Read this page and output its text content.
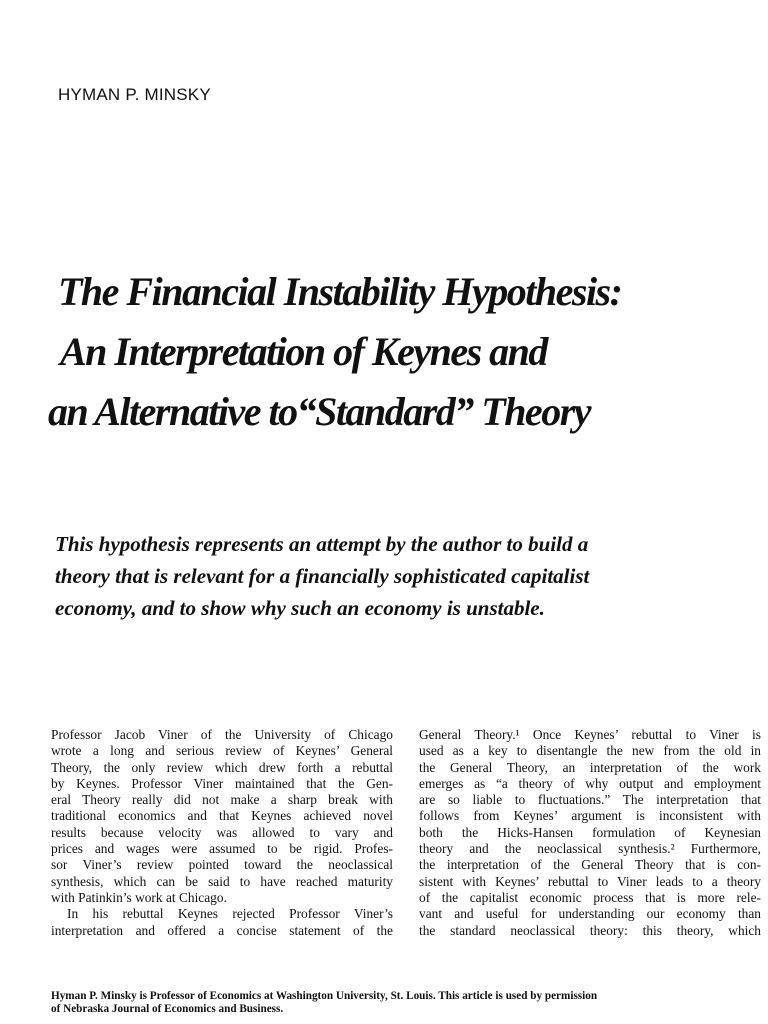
HYMAN P. MINSKY
The Financial Instability Hypothesis:
An Interpretation of Keynes and
an Alternative to“Standard” Theory
This hypothesis represents an attempt by the author to build a
theory that is relevant for a financially sophisticated capitalist
economy, and to show why such an economy is unstable.
Professor Jacob Viner of the University of Chicago
wrote a long and serious review of Keynes’ General
Theory, the only review which drew forth a rebuttal
by Keynes. Professor Viner maintained that the Gen-
eral Theory really did not make a sharp break with
traditional economics and that Keynes achieved novel
results because velocity was allowed to vary and
prices and wages were assumed to be rigid. Profes-
sor Viner’s review pointed toward the neoclassical
synthesis, which can be said to have reached maturity
with Patinkin’s work at Chicago.
In his rebuttal Keynes rejected Professor Viner’s
interpretation and offered a concise statement of the
General Theory.¹ Once Keynes’ rebuttal to Viner is
used as a key to disentangle the new from the old in
the General Theory, an interpretation of the work
emerges as “a theory of why output and employment
are so liable to fluctuations.” The interpretation that
follows from Keynes’ argument is inconsistent with
both the Hicks-Hansen formulation of Keynesian
theory and the neoclassical synthesis.² Furthermore,
the interpretation of the General Theory that is con-
sistent with Keynes’ rebuttal to Viner leads to a theory
of the capitalist economic process that is more rele-
vant and useful for understanding our economy than
the standard neoclassical theory: this theory, which
Hyman P. Minsky is Professor of Economics at Washington University, St. Louis. This article is used by permission
of Nebraska Journal of Economics and Business.
